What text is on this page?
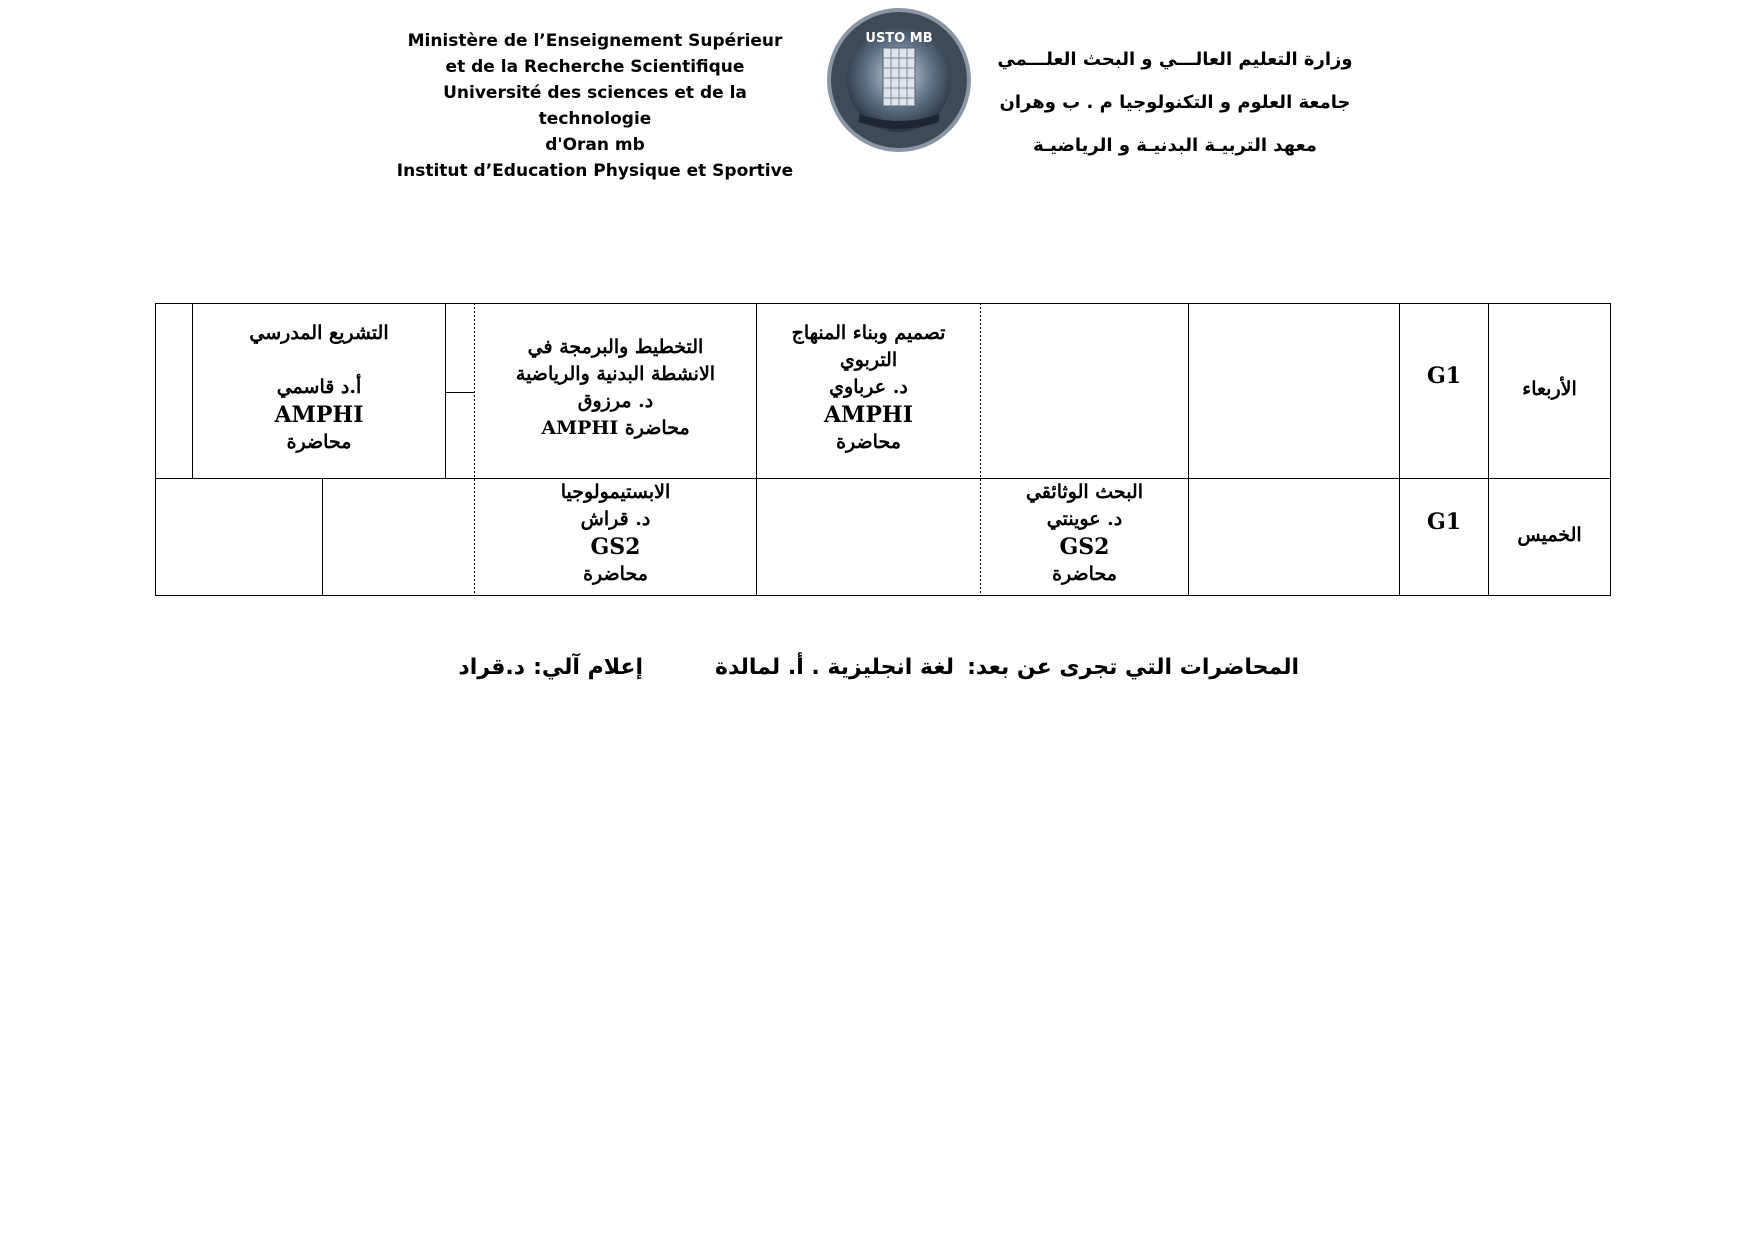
Ministère de l’Enseignement Supérieur
et de la Recherche Scientifique
Université des sciences et de la technologie
d'Oran mb
Institut d’Education Physique et Sportive
USTO MB
وزارة التعليم العالـــي و البحث العلـــمي
جامعة العلوم و التكنولوجيا م . ب وهران
معهد التربيـة البدنيـة و الرياضيـة
الأربعاء
G1
تصميم وبناء المنهاج
التربوي
د. عرباوي
AMPHI
محاضرة
التخطيط والبرمجة في
الانشطة البدنية والرياضية
د. مرزوق
محاضرة AMPHI
التشريع المدرسي
أ.د قاسمي
AMPHI
محاضرة
الخميس
G1
البحث الوثائقي
د. عوينتي
GS2
محاضرة
الابستيمولوجيا
د. قراش
GS2
محاضرة
المحاضرات التي تجرى عن بعد:
لغة انجليزية . أ. لمالدة
إعلام آلي:
د.قراد
